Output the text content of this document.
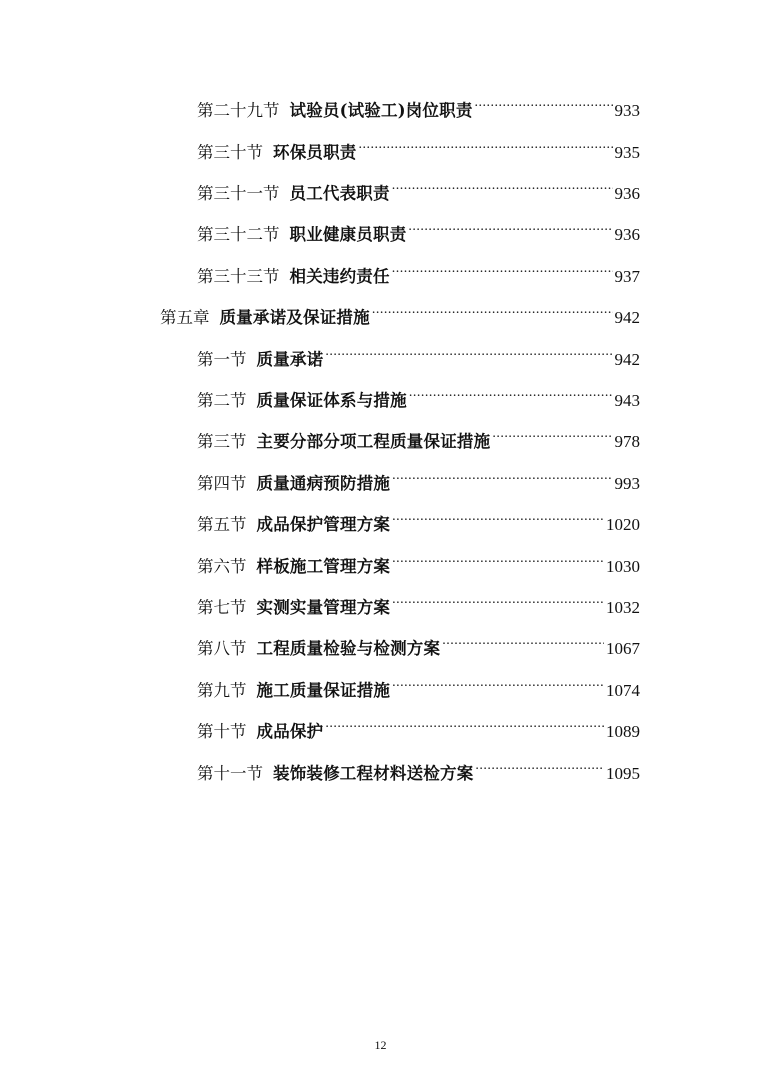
第二十九节 试验员(试验工)岗位职责 .....	933
第三十节 环保员职责 .....	935
第三十一节 员工代表职责 .....	936
第三十二节 职业健康员职责 .....	936
第三十三节 相关违约责任 .....	937
第五章 质量承诺及保证措施 .....	942
第一节 质量承诺 .....	942
第二节 质量保证体系与措施 .....	943
第三节 主要分部分项工程质量保证措施 .....	978
第四节 质量通病预防措施 .....	993
第五节 成品保护管理方案 .....	1020
第六节 样板施工管理方案 .....	1030
第七节 实测实量管理方案 .....	1032
第八节 工程质量检验与检测方案 .....	1067
第九节 施工质量保证措施 .....	1074
第十节 成品保护 .....	1089
第十一节 装饰装修工程材料送检方案 .....	1095
12
